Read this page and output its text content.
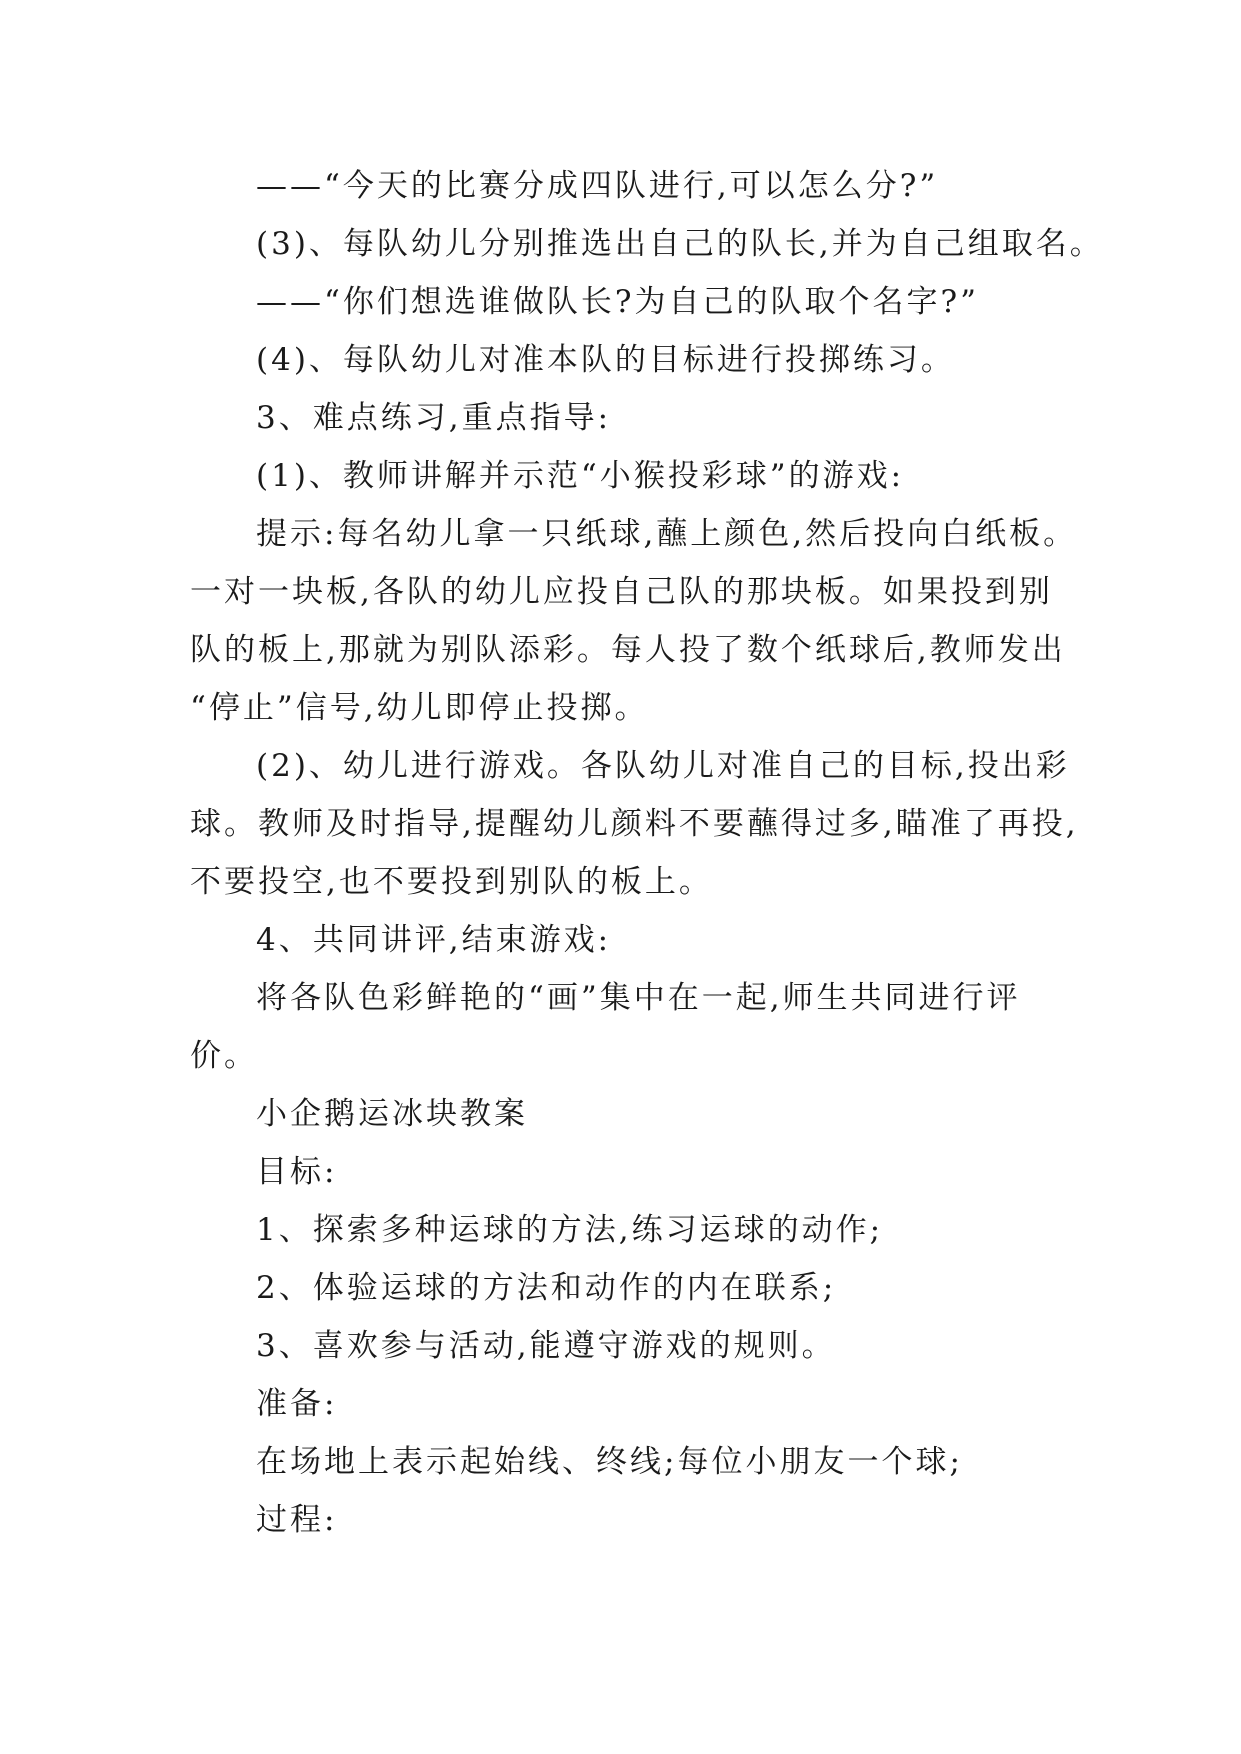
——“今天的比赛分成四队进行,可以怎么分?”
(3)、每队幼儿分别推选出自己的队长,并为自己组取名。
——“你们想选谁做队长?为自己的队取个名字?”
(4)、每队幼儿对准本队的目标进行投掷练习。
3、难点练习,重点指导:
(1)、教师讲解并示范“小猴投彩球”的游戏:
提示:每名幼儿拿一只纸球,蘸上颜色,然后投向白纸板。
一对一块板,各队的幼儿应投自己队的那块板。如果投到别
队的板上,那就为别队添彩。每人投了数个纸球后,教师发出
“停止”信号,幼儿即停止投掷。
(2)、幼儿进行游戏。各队幼儿对准自己的目标,投出彩
球。教师及时指导,提醒幼儿颜料不要蘸得过多,瞄准了再投,
不要投空,也不要投到别队的板上。
4、共同讲评,结束游戏:
将各队色彩鲜艳的“画”集中在一起,师生共同进行评
价。
小企鹅运冰块教案
目标:
1、探索多种运球的方法,练习运球的动作;
2、体验运球的方法和动作的内在联系;
3、喜欢参与活动,能遵守游戏的规则。
准备:
在场地上表示起始线、终线;每位小朋友一个球;
过程:
